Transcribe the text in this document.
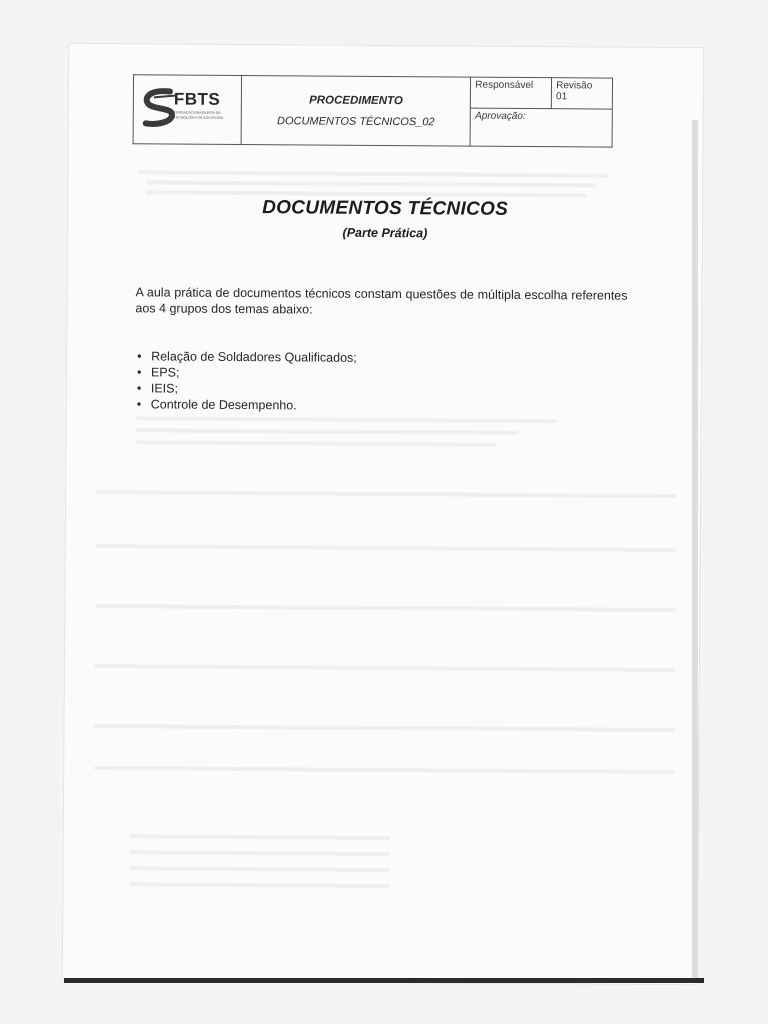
FBTS
FUNDAÇÃO BRASILEIRA DE TECNOLOGIA DA SOLDAGEM

PROCEDIMENTO
DOCUMENTOS TÉCNICOS_02
	Responsável	Revisão
01

Aprovação:
DOCUMENTOS TÉCNICOS
(Parte Prática)
A aula prática de documentos técnicos constam questões de múltipla escolha referentes aos 4 grupos dos temas abaixo:
• Relação de Soldadores Qualificados;
• EPS;
• IEIS;
• Controle de Desempenho.
